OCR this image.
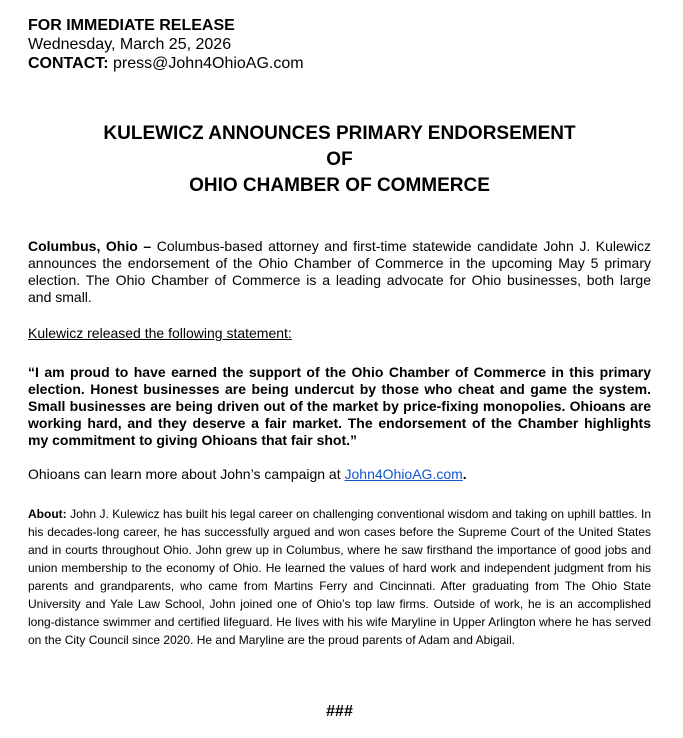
FOR IMMEDIATE RELEASE
Wednesday, March 25, 2026
CONTACT: press@John4OhioAG.com
KULEWICZ ANNOUNCES PRIMARY ENDORSEMENT
OF
OHIO CHAMBER OF COMMERCE
Columbus, Ohio – Columbus-based attorney and first-time statewide candidate John J. Kulewicz announces the endorsement of the Ohio Chamber of Commerce in the upcoming May 5 primary election. The Ohio Chamber of Commerce is a leading advocate for Ohio businesses, both large and small.
Kulewicz released the following statement:
“I am proud to have earned the support of the Ohio Chamber of Commerce in this primary election. Honest businesses are being undercut by those who cheat and game the system. Small businesses are being driven out of the market by price-fixing monopolies. Ohioans are working hard, and they deserve a fair market. The endorsement of the Chamber highlights my commitment to giving Ohioans that fair shot.”
Ohioans can learn more about John’s campaign at John4OhioAG.com.
About: John J. Kulewicz has built his legal career on challenging conventional wisdom and taking on uphill battles. In his decades-long career, he has successfully argued and won cases before the Supreme Court of the United States and in courts throughout Ohio. John grew up in Columbus, where he saw firsthand the importance of good jobs and union membership to the economy of Ohio. He learned the values of hard work and independent judgment from his parents and grandparents, who came from Martins Ferry and Cincinnati. After graduating from The Ohio State University and Yale Law School, John joined one of Ohio’s top law firms. Outside of work, he is an accomplished long-distance swimmer and certified lifeguard. He lives with his wife Maryline in Upper Arlington where he has served on the City Council since 2020. He and Maryline are the proud parents of Adam and Abigail.
###
